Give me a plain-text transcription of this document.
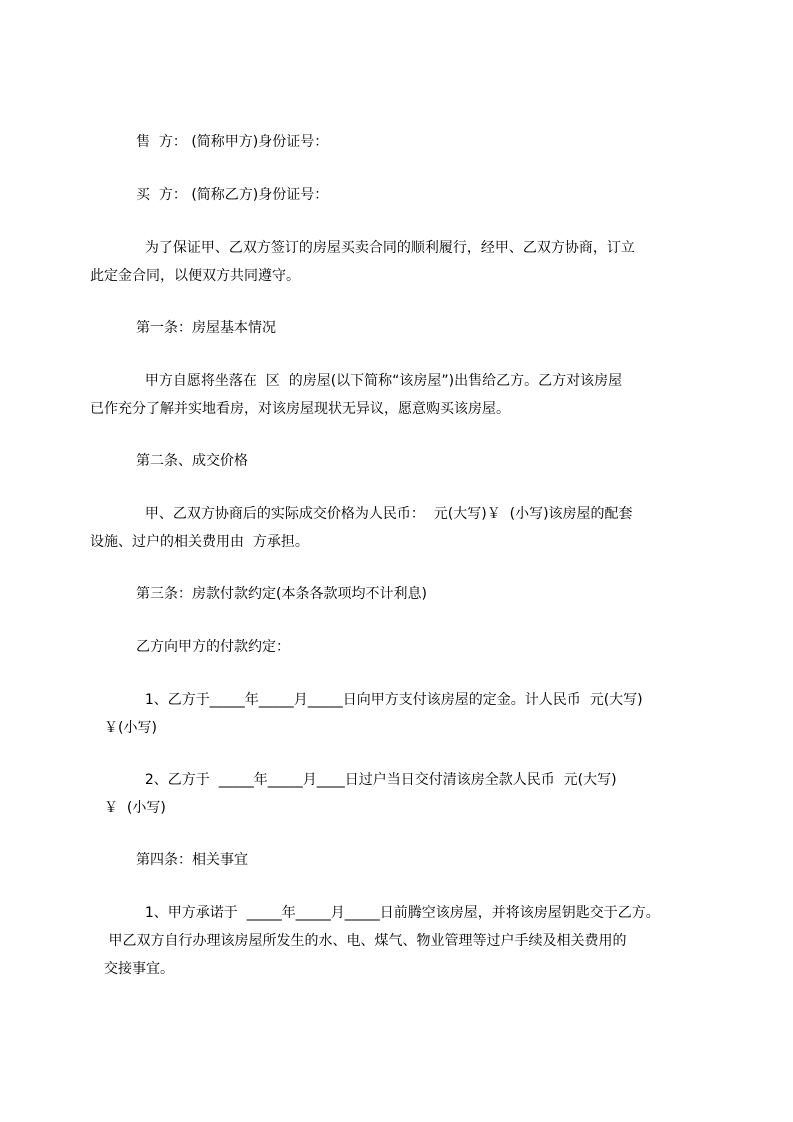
售  方： (简称甲方)身份证号：

买  方： (简称乙方)身份证号：

为了保证甲、乙双方签订的房屋买卖合同的顺利履行，经甲、乙双方协商，订立

此定金合同，以便双方共同遵守。

第一条：房屋基本情况

甲方自愿将坐落在  区  的房屋(以下简称“该房屋”)出售给乙方。乙方对该房屋

已作充分了解并实地看房，对该房屋现状无异议，愿意购买该房屋。

第二条、成交价格

甲、乙双方协商后的实际成交价格为人民币：  元(大写)￥  (小写)该房屋的配套

设施、过户的相关费用由  方承担。

第三条：房款付款约定(本条各款项均不计利息)

乙方向甲方的付款约定：

1、乙方于_____年_____月_____日向甲方支付该房屋的定金。计人民币  元(大写)

￥(小写)

2、乙方于  _____年_____月____日过户当日交付清该房全款人民币  元(大写)

￥  (小写)

第四条：相关事宜

1、甲方承诺于  _____年_____月_____日前腾空该房屋，并将该房屋钥匙交于乙方。

甲乙双方自行办理该房屋所发生的水、电、煤气、物业管理等过户手续及相关费用的

交接事宜。
